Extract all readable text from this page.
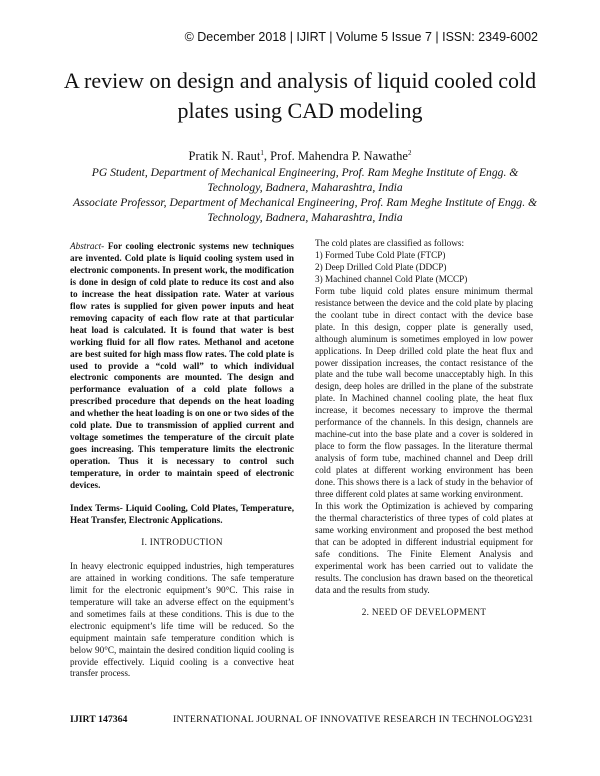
© December 2018 | IJIRT | Volume 5 Issue 7 | ISSN: 2349-6002
A review on design and analysis of liquid cooled cold plates using CAD modeling
Pratik N. Raut$^1$, Prof. Mahendra P. Nawathe$^2$
PG Student, Department of Mechanical Engineering, Prof. Ram Meghe Institute of Engg. & Technology, Badnera, Maharashtra, India
Associate Professor, Department of Mechanical Engineering, Prof. Ram Meghe Institute of Engg. & Technology, Badnera, Maharashtra, India

Abstract- For cooling electronic systems new techniques are invented. Cold plate is liquid cooling system used in electronic components. In present work, the modification is done in design of cold plate to reduce its cost and also to increase the heat dissipation rate. Water at various flow rates is supplied for given power inputs and heat removing capacity of each flow rate at that particular heat load is calculated. It is found that water is best working fluid for all flow rates. Methanol and acetone are best suited for high mass flow rates. The cold plate is used to provide a “cold wall” to which individual electronic components are mounted. The design and performance evaluation of a cold plate follows a prescribed procedure that depends on the heat loading and whether the heat loading is on one or two sides of the cold plate. Due to transmission of applied current and voltage sometimes the temperature of the circuit plate goes increasing. This temperature limits the electronic operation. Thus it is necessary to control such temperature, in order to maintain speed of electronic devices.

Index Terms- Liquid Cooling, Cold Plates, Temperature, Heat Transfer, Electronic Applications.

I. INTRODUCTION

In heavy electronic equipped industries, high temperatures are attained in working conditions. The safe temperature limit for the electronic equipment’s 90°C. This raise in temperature will take an adverse effect on the equipment’s and sometimes fails at these conditions. This is due to the electronic equipment’s life time will be reduced. So the equipment maintain safe temperature condition which is below 90°C, maintain the desired condition liquid cooling is provide effectively. Liquid cooling is a convective heat transfer process.

The cold plates are classified as follows:

1) Formed Tube Cold Plate (FTCP)
2) Deep Drilled Cold Plate (DDCP)
3) Machined channel Cold Plate (MCCP)

Form tube liquid cold plates ensure minimum thermal resistance between the device and the cold plate by placing the coolant tube in direct contact with the device base plate. In this design, copper plate is generally used, although aluminum is sometimes employed in low power applications. In Deep drilled cold plate the heat flux and power dissipation increases, the contact resistance of the plate and the tube wall become unacceptably high. In this design, deep holes are drilled in the plane of the substrate plate. In Machined channel cooling plate, the heat flux increase, it becomes necessary to improve the thermal performance of the channels. In this design, channels are machine-cut into the base plate and a cover is soldered in place to form the flow passages. In the literature thermal analysis of form tube, machined channel and Deep drill cold plates at different working environment has been done. This shows there is a lack of study in the behavior of three different cold plates at same working environment.

In this work the Optimization is achieved by comparing the thermal characteristics of three types of cold plates at same working environment and proposed the best method that can be adopted in different industrial equipment for safe conditions. The Finite Element Analysis and experimental work has been carried out to validate the results. The conclusion has drawn based on the theoretical data and the results from study.

2. NEED OF DEVELOPMENT
IJIRT 147364	INTERNATIONAL JOURNAL OF INNOVATIVE RESEARCH IN TECHNOLOGY
231
